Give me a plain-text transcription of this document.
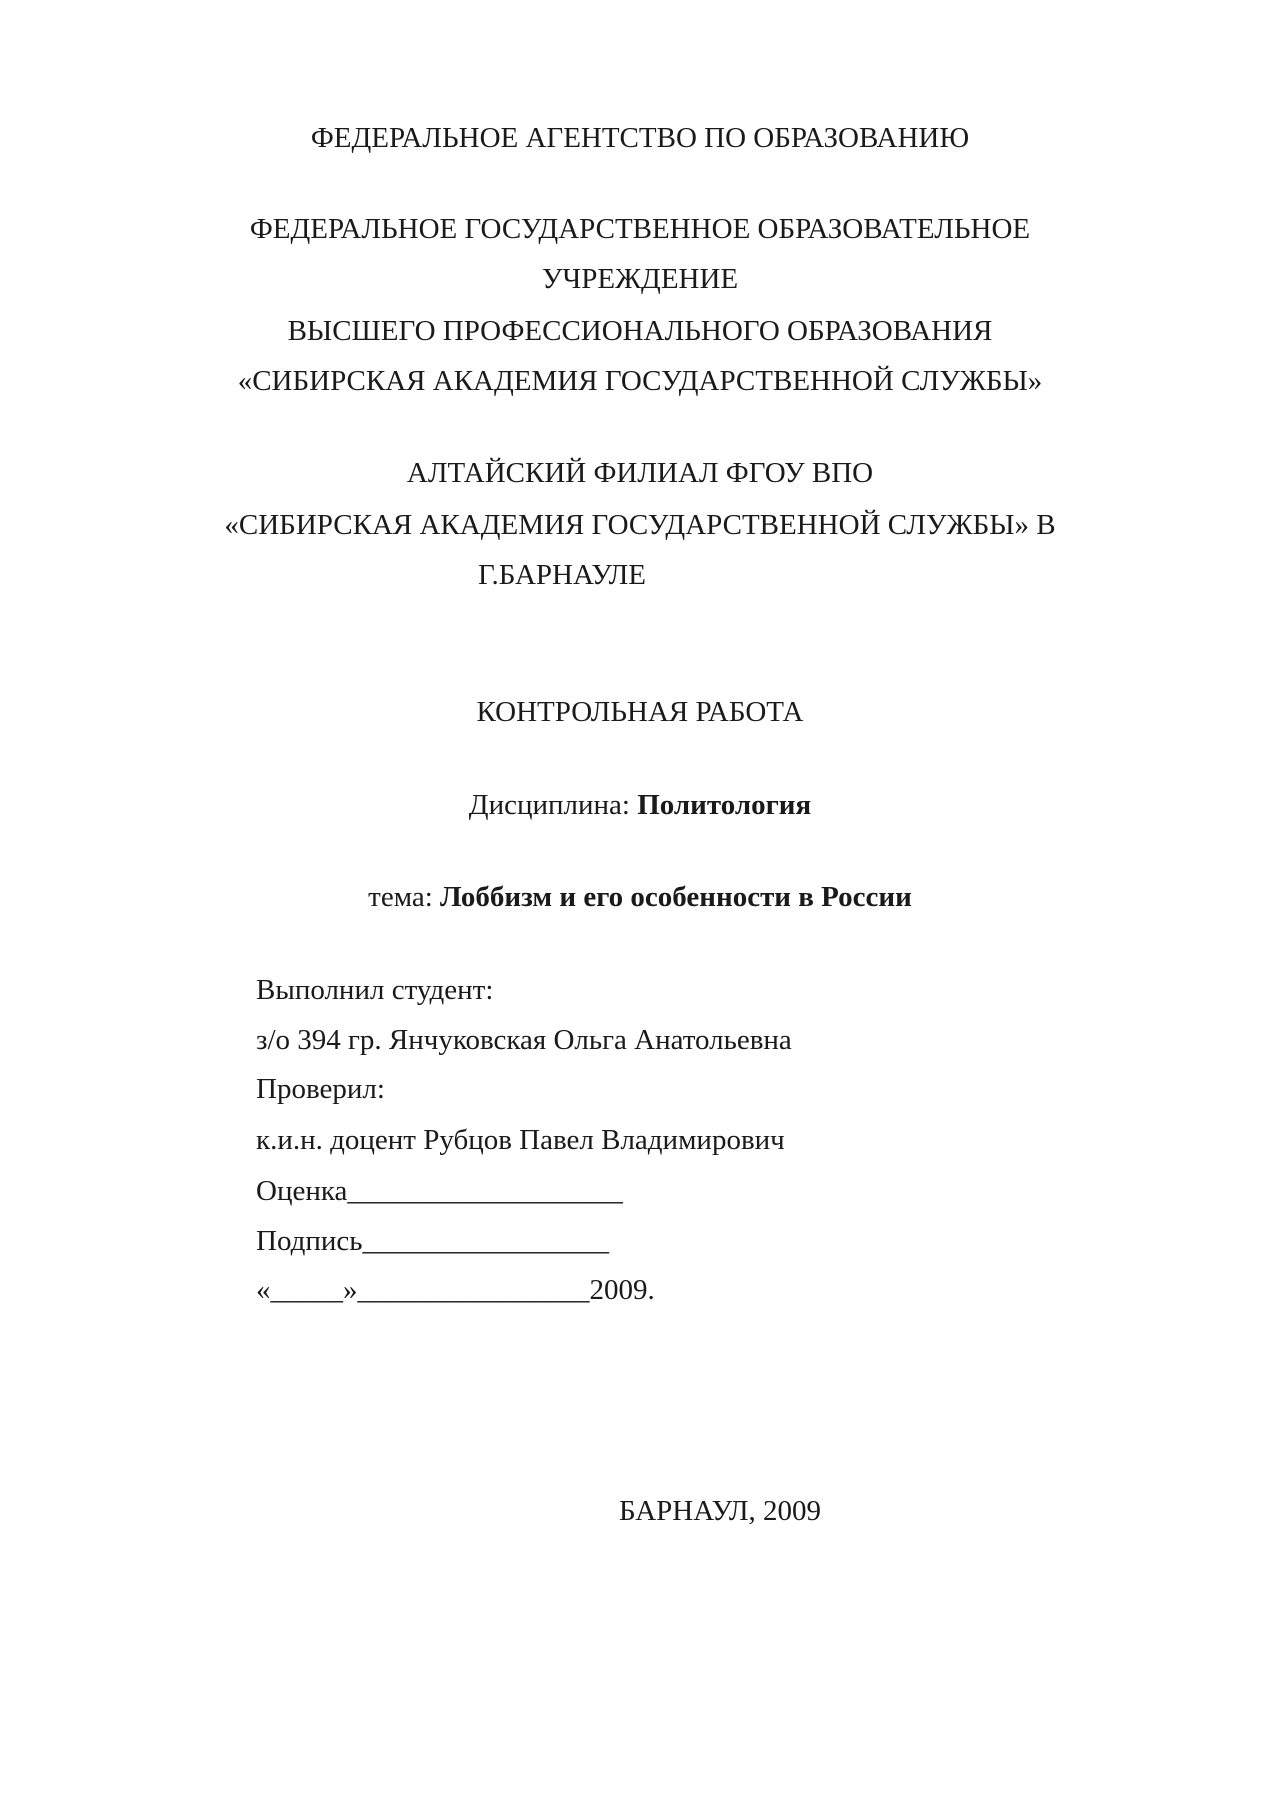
ФЕДЕРАЛЬНОЕ АГЕНТСТВО ПО ОБРАЗОВАНИЮ
ФЕДЕРАЛЬНОЕ ГОСУДАРСТВЕННОЕ ОБРАЗОВАТЕЛЬНОЕ
УЧРЕЖДЕНИЕ
ВЫСШЕГО ПРОФЕССИОНАЛЬНОГО ОБРАЗОВАНИЯ
«СИБИРСКАЯ АКАДЕМИЯ ГОСУДАРСТВЕННОЙ СЛУЖБЫ»
АЛТАЙСКИЙ ФИЛИАЛ ФГОУ ВПО
«СИБИРСКАЯ АКАДЕМИЯ ГОСУДАРСТВЕННОЙ СЛУЖБЫ» В
Г.БАРНАУЛЕ
КОНТРОЛЬНАЯ РАБОТА
Дисциплина: Политология
тема: Лоббизм и его особенности в России
Выполнил студент:
з/о 394 гр. Янчуковская Ольга Анатольевна
Проверил:
к.и.н. доцент Рубцов Павел Владимирович
Оценка___________________
Подпись_________________
«_____»________________2009.
БАРНАУЛ, 2009
